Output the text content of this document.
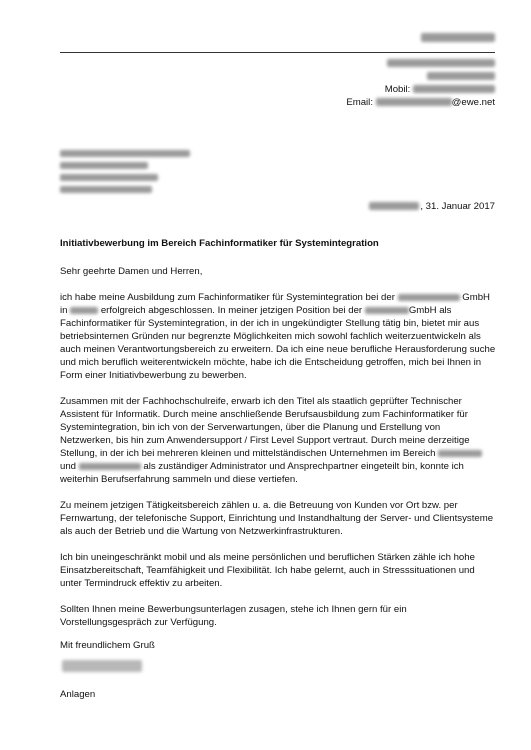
Mobil:
Email:	@ewe.net
, 31. Januar 2017
Initiativbewerbung im Bereich Fachinformatiker für Systemintegration

Sehr geehrte Damen und Herren,

ich habe meine Ausbildung zum Fachinformatiker für Systemintegration bei der	GmbH in	erfolgreich abgeschlossen. In meiner jetzigen Position bei der	GmbH als Fachinformatiker für Systemintegration, in der ich in ungekündigter Stellung tätig bin, bietet mir aus betriebsinternen Gründen nur begrenzte Möglichkeiten mich sowohl fachlich weiterzuentwickeln als auch meinen Verantwortungsbereich zu erweitern. Da ich eine neue berufliche Herausforderung suche und mich beruflich weiterentwickeln möchte, habe ich die Entscheidung getroffen, mich bei Ihnen in Form einer Initiativbewerbung zu bewerben.

Zusammen mit der Fachhochschulreife, erwarb ich den Titel als staatlich geprüfter Technischer Assistent für Informatik. Durch meine anschließende Berufsausbildung zum Fachinformatiker für Systemintegration, bin ich von der Serverwartungen, über die Planung und Erstellung von Netzwerken, bis hin zum Anwendersupport / First Level Support vertraut. Durch meine derzeitige Stellung, in der ich bei mehreren kleinen und mittelständischen Unternehmen im Bereich  und	als zuständiger Administrator und Ansprechpartner eingeteilt bin, konnte ich weiterhin Berufserfahrung sammeln und diese vertiefen.

Zu meinem jetzigen Tätigkeitsbereich zählen u. a. die Betreuung von Kunden vor Ort bzw. per Fernwartung, der telefonische Support, Einrichtung und Instandhaltung der Server- und Clientsysteme als auch der Betrieb und die Wartung von Netzwerkinfrastrukturen.

Ich bin uneingeschränkt mobil und als meine persönlichen und beruflichen Stärken zähle ich hohe Einsatzbereitschaft, Teamfähigkeit und Flexibilität. Ich habe gelernt, auch in Stresssituationen und unter Termindruck effektiv zu arbeiten.

Sollten Ihnen meine Bewerbungsunterlagen zusagen, stehe ich Ihnen gern für ein Vorstellungsgespräch zur Verfügung.

Mit freundlichem Gruß
Anlagen
